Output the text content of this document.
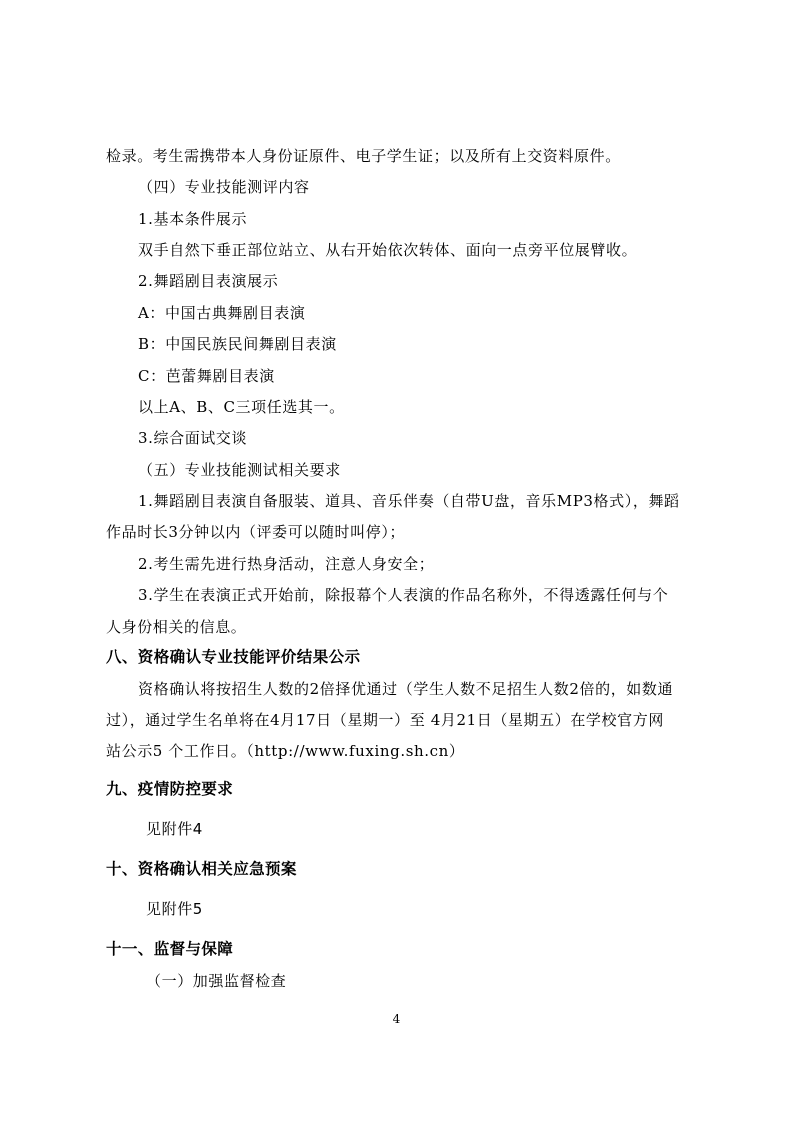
检录。考生需携带本人身份证原件、电子学生证；以及所有上交资料原件。
（四）专业技能测评内容
1.基本条件展示
双手自然下垂正部位站立、从右开始依次转体、面向一点旁平位展臂收。
2.舞蹈剧目表演展示
A：中国古典舞剧目表演
B：中国民族民间舞剧目表演
C：芭蕾舞剧目表演
以上A、B、C三项任选其一。
3.综合面试交谈
（五）专业技能测试相关要求
1.舞蹈剧目表演自备服装、道具、音乐伴奏（自带U盘，音乐MP3格式），舞蹈
作品时长3分钟以内（评委可以随时叫停）；
2.考生需先进行热身活动，注意人身安全；
3.学生在表演正式开始前，除报幕个人表演的作品名称外，不得透露任何与个
人身份相关的信息。
八、资格确认专业技能评价结果公示
资格确认将按招生人数的2倍择优通过（学生人数不足招生人数2倍的，如数通
过），通过学生名单将在4月17日（星期一）至 4月21日（星期五）在学校官方网
站公示5 个工作日。（http://www.fuxing.sh.cn）
九、疫情防控要求
见附件4
十、资格确认相关应急预案
见附件5
十一、监督与保障
（一）加强监督检查
4
